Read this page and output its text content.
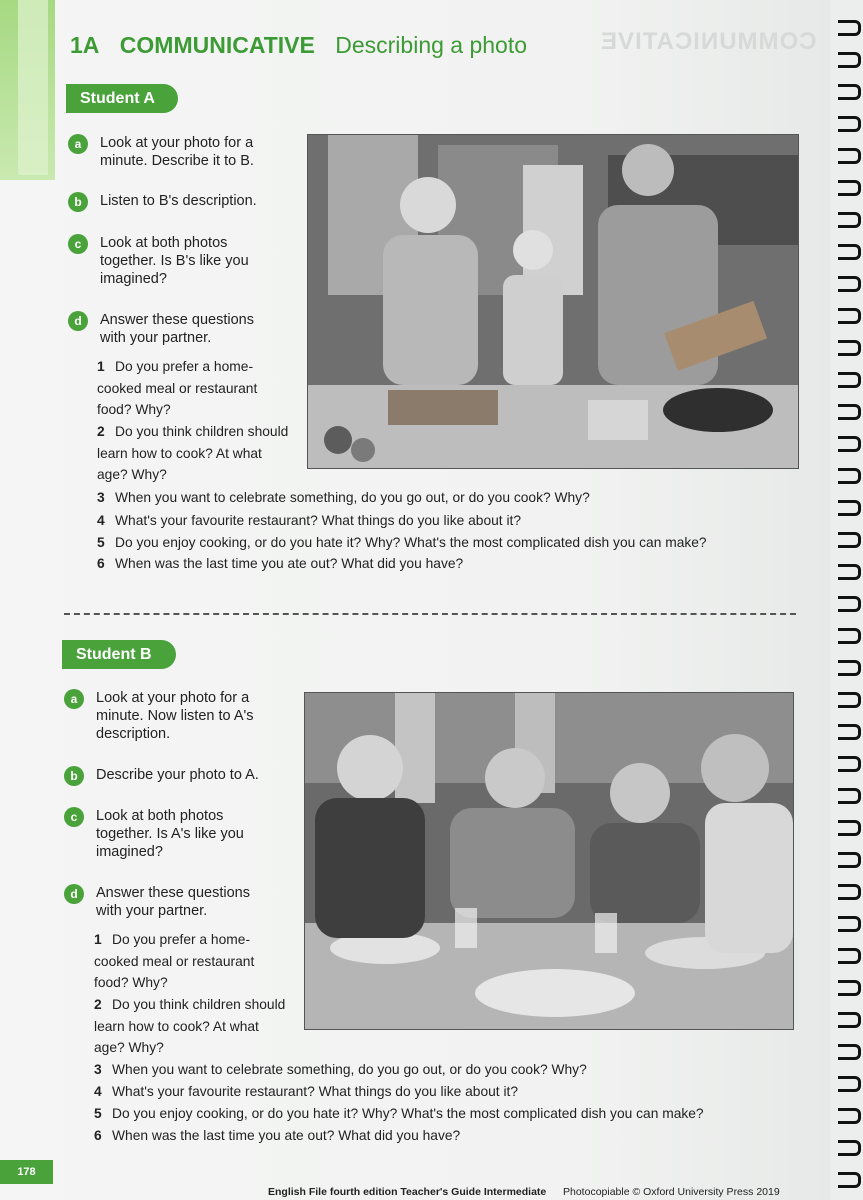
COMMUNICATIVE
1A COMMUNICATIVE Describing a photo
Student A
a	Look at your photo for a minute. Describe it to B.
b	Listen to B's description.
c	Look at both photos together. Is B's like you imagined?
d	Answer these questions with your partner.
1 Do you prefer a home-cooked meal or restaurant food? Why?
2 Do you think children should learn how to cook? At what age? Why?
3 When you want to celebrate something, do you go out, or do you cook? Why?
4 What's your favourite restaurant? What things do you like about it?
5 Do you enjoy cooking, or do you hate it? Why? What's the most complicated dish you can make?
6 When was the last time you ate out? What did you have?
Student B
a	Look at your photo for a minute. Now listen to A's description.
b	Describe your photo to A.
c	Look at both photos together. Is A's like you imagined?
d	Answer these questions with your partner.
1 Do you prefer a home-cooked meal or restaurant food? Why?
2 Do you think children should learn how to cook? At what age? Why?
3 When you want to celebrate something, do you go out, or do you cook? Why?
4 What's your favourite restaurant? What things do you like about it?
5 Do you enjoy cooking, or do you hate it? Why? What's the most complicated dish you can make?
6 When was the last time you ate out? What did you have?
178
English File fourth edition Teacher's Guide Intermediate Photocopiable © Oxford University Press 2019
